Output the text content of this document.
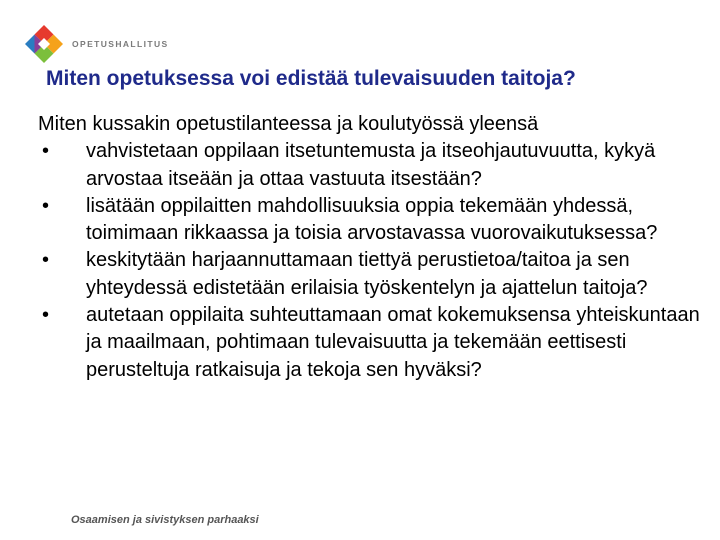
OPETUSHALLITUS
Miten opetuksessa voi edistää tulevaisuuden taitoja?

Miten kussakin opetustilanteessa ja koulutyössä yleensä

•	vahvistetaan oppilaan itsetuntemusta ja itseohjautuvuutta, kykyä arvostaa itseään ja ottaa vastuuta itsestään?
•	lisätään oppilaitten mahdollisuuksia oppia tekemään yhdessä, toimimaan rikkaassa ja toisia arvostavassa vuorovaikutuksessa?
•	keskitytään harjaannuttamaan tiettyä perustietoa/taitoa ja sen yhteydessä edistetään erilaisia työskentelyn ja ajattelun taitoja?
•	autetaan oppilaita suhteuttamaan omat kokemuksensa yhteiskuntaan ja maailmaan, pohtimaan tulevaisuutta ja tekemään eettisesti perusteltuja ratkaisuja ja tekoja sen hyväksi?
Osaamisen ja sivistyksen parhaaksi
